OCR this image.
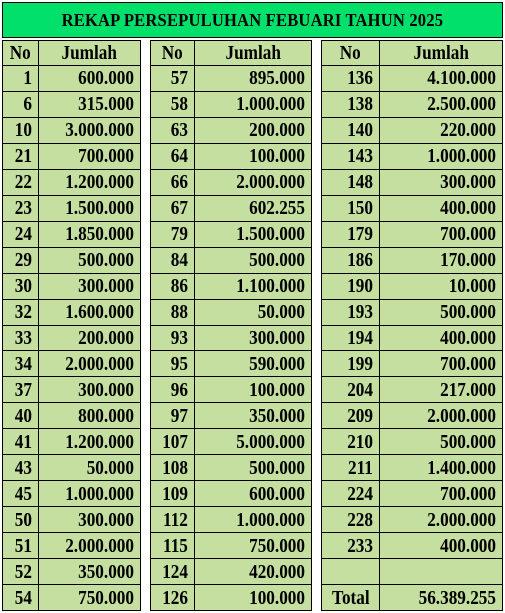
REKAP PERSEPULUHAN FEBUARI TAHUN 2025
No Jumlah No Jumlah	No	Jumlah
1 600.000 57	895.000 136	4.100.000
6 315.000 58 1.000.000 138	2.500.000
10 3.000.000 63	200.000 140	220.000
21 700.000 64	100.000 143	1.000.000
22 1.200.000 66 2.000.000 148	300.000
23 1.500.000 67	602.255 150	400.000
24 1.850.000 79 1.500.000 179	700.000
29 500.000 84	500.000 186	170.000
30 300.000 86 1.100.000 190	10.000
32 1.600.000 88	50.000 193	500.000
33 200.000 93	300.000 194	400.000
34 2.000.000 95	590.000 199	700.000
37 300.000 96	100.000 204	217.000
40 800.000 97	350.000 209	2.000.000
41 1.200.000 107 5.000.000 210	500.000
43	50.000 108	500.000 211	1.400.000
45 1.000.000 109	600.000 224	700.000
50 300.000 112 1.000.000 228	2.000.000
51 2.000.000 115	750.000 233	400.000
52 350.000 124	420.000
54 750.000 126	100.000 Total 56.389.255
